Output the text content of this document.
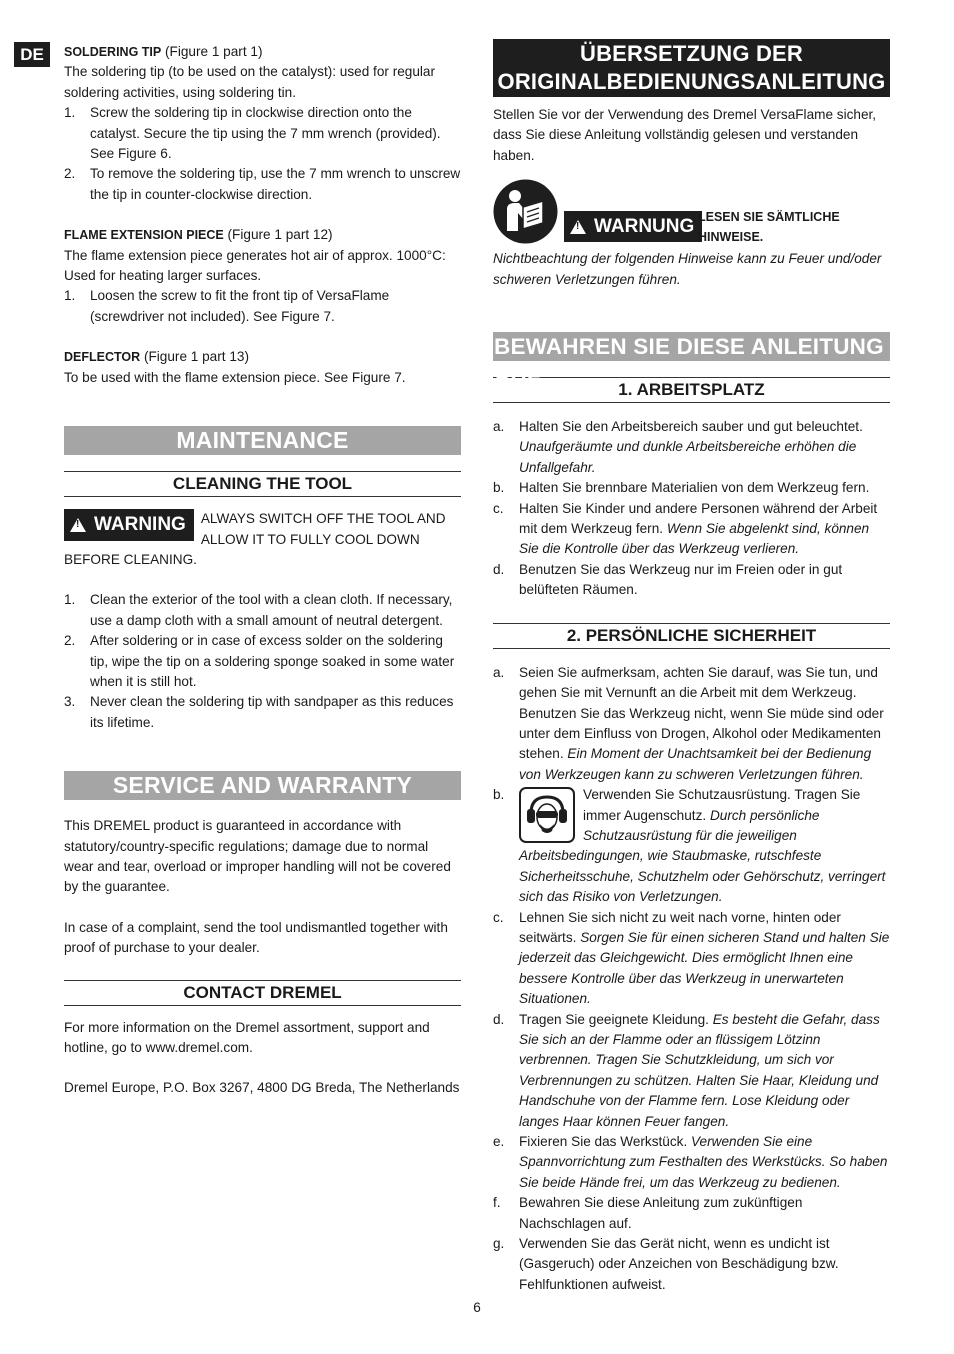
DE	SOLDERING TIP (Figure 1 part 1)

The soldering tip (to be used on the catalyst): used for regular soldering activities, using soldering tin.

1. Screw the soldering tip in clockwise direction onto the catalyst. Secure the tip using the 7 mm wrench (provided). See Figure 6.
2. To remove the soldering tip, use the 7 mm wrench to unscrew the tip in counter-clockwise direction.

FLAME EXTENSION PIECE (Figure 1 part 12)

The flame extension piece generates hot air of approx. 1000°C: Used for heating larger surfaces.

1. Loosen the screw to fit the front tip of VersaFlame (screwdriver not included). See Figure 7.

DEFLECTOR (Figure 1 part 13)

To be used with the flame extension piece. See Figure 7.

MAINTENANCE
CLEANING THE TOOL
!WARNING	ALWAYS SWITCH OFF THE TOOL AND ALLOW IT TO FULLY COOL DOWN BEFORE CLEANING.

1. Clean the exterior of the tool with a clean cloth. If necessary, use a damp cloth with a small amount of neutral detergent.
2. After soldering or in case of excess solder on the soldering tip, wipe the tip on a soldering sponge soaked in some water when it is still hot.
3. Never clean the soldering tip with sandpaper as this reduces its lifetime.
SERVICE AND WARRANTY

This DREMEL product is guaranteed in accordance with statutory/country-specific regulations; damage due to normal wear and tear, overload or improper handling will not be covered by the guarantee.

In case of a complaint, send the tool undismantled together with proof of purchase to your dealer.

CONTACT DREMEL

For more information on the Dremel assortment, support and hotline, go to www.dremel.com.

Dremel Europe, P.O. Box 3267, 4800 DG Breda, The Netherlands

ÜBERSETZUNG DER
ORIGINALBEDIENUNGSANLEITUNG

Stellen Sie vor der Verwendung des Dremel VersaFlame sicher, dass Sie diese Anleitung vollständig gelesen und verstanden haben.

!WARNUNG LESEN SIE SÄMTLICHE
HINWEISE.

Nichtbeachtung der folgenden Hinweise kann zu Feuer und/oder schweren Verletzungen führen.

BEWAHREN SIE DIESE ANLEITUNG AUF
1. ARBEITSPLATZ
a. Halten Sie den Arbeitsbereich sauber und gut beleuchtet. Unaufgeräumte und dunkle Arbeitsbereiche erhöhen die Unfallgefahr.
b. Halten Sie brennbare Materialien von dem Werkzeug fern.
c. Halten Sie Kinder und andere Personen während der Arbeit mit dem Werkzeug fern. Wenn Sie abgelenkt sind, können Sie die Kontrolle über das Werkzeug verlieren.
d. Benutzen Sie das Werkzeug nur im Freien oder in gut belüfteten Räumen.
2. PERSÖNLICHE SICHERHEIT
a. Seien Sie aufmerksam, achten Sie darauf, was Sie tun, und gehen Sie mit Vernunft an die Arbeit mit dem Werkzeug. Benutzen Sie das Werkzeug nicht, wenn Sie müde sind oder unter dem Einfluss von Drogen, Alkohol oder Medikamenten stehen. Ein Moment der Unachtsamkeit bei der Bedienung von Werkzeugen kann zu schweren Verletzungen führen.
b.	Verwenden Sie Schutzausrüstung. Tragen Sie immer Augenschutz. Durch persönliche Schutzausrüstung für die jeweiligen Arbeitsbedingungen, wie Staubmaske, rutschfeste Sicherheitsschuhe, Schutzhelm oder Gehörschutz, verringert sich das Risiko von Verletzungen.
c. Lehnen Sie sich nicht zu weit nach vorne, hinten oder seitwärts. Sorgen Sie für einen sicheren Stand und halten Sie jederzeit das Gleichgewicht. Dies ermöglicht Ihnen eine bessere Kontrolle über das Werkzeug in unerwarteten Situationen.
d. Tragen Sie geeignete Kleidung. Es besteht die Gefahr, dass Sie sich an der Flamme oder an flüssigem Lötzinn verbrennen. Tragen Sie Schutzkleidung, um sich vor Verbrennungen zu schützen. Halten Sie Haar, Kleidung und Handschuhe von der Flamme fern. Lose Kleidung oder langes Haar können Feuer fangen.
e. Fixieren Sie das Werkstück. Verwenden Sie eine Spannvorrichtung zum Festhalten des Werkstücks. So haben Sie beide Hände frei, um das Werkzeug zu bedienen.
f. Bewahren Sie diese Anleitung zum zukünftigen Nachschlagen auf.
g. Verwenden Sie das Gerät nicht, wenn es undicht ist (Gasgeruch) oder Anzeichen von Beschädigung bzw. Fehlfunktionen aufweist.
6
